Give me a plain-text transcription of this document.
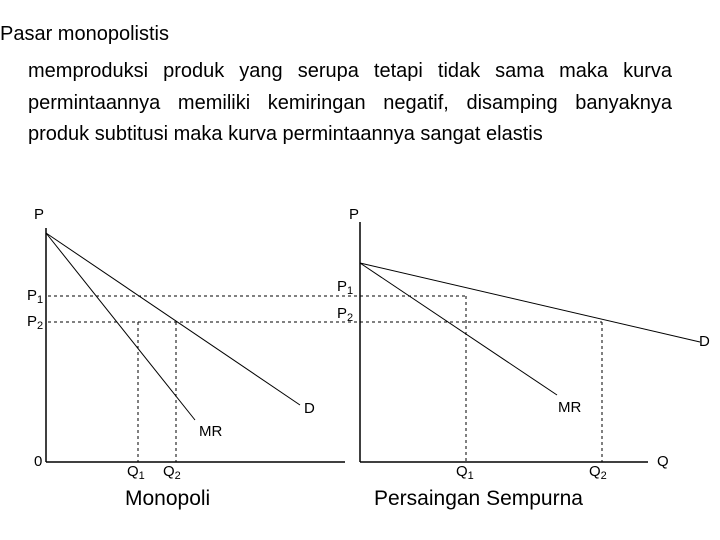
Pasar monopolistis
memproduksi produk yang serupa tetapi tidak sama maka kurva permintaannya memiliki kemiringan negatif, disamping banyaknya produk subtitusi maka kurva permintaannya sangat elastis
P
0
$P_1$
$P_2$
D
MR
$Q_1$ $Q_2$
Monopoli
P
$P_1$
$P_2$
D
MR
$Q_1$	$Q_2$
Q
Persaingan Sempurna
